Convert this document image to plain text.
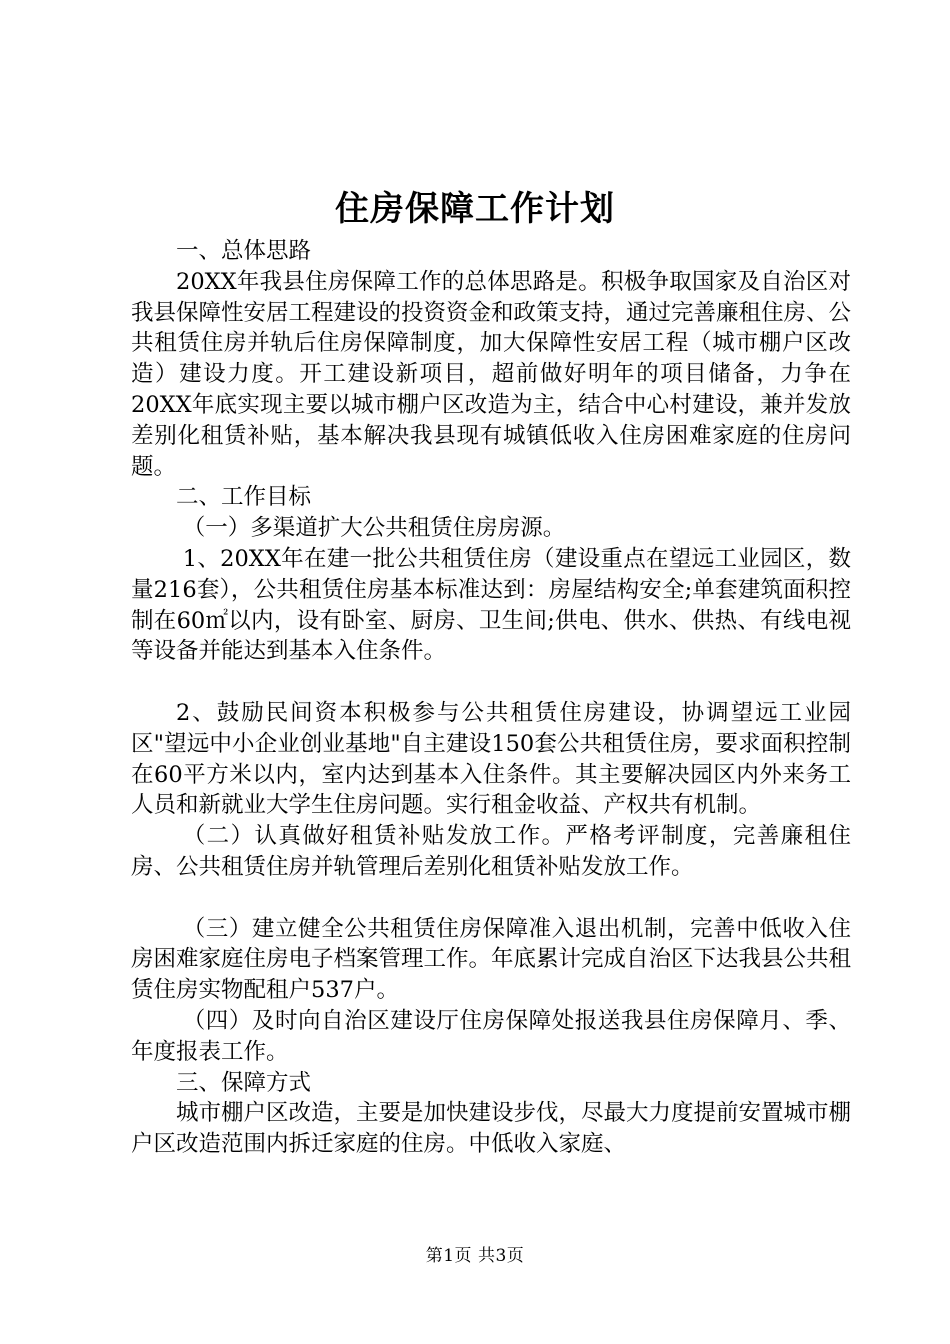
住房保障工作计划

一、总体思路

20XX年我县住房保障工作的总体思路是。积极争取国家及自治区对我县保障性安居工程建设的投资资金和政策支持，通过完善廉租住房、公共租赁住房并轨后住房保障制度，加大保障性安居工程（城市棚户区改造）建设力度。开工建设新项目，超前做好明年的项目储备，力争在20XX年底实现主要以城市棚户区改造为主，结合中心村建设，兼并发放差别化租赁补贴，基本解决我县现有城镇低收入住房困难家庭的住房问题。

二、工作目标

（一）多渠道扩大公共租赁住房房源。

1、20XX年在建一批公共租赁住房（建设重点在望远工业园区，数量216套），公共租赁住房基本标准达到：房屋结构安全;单套建筑面积控制在60㎡以内，设有卧室、厨房、卫生间;供电、供水、供热、有线电视等设备并能达到基本入住条件。

2、鼓励民间资本积极参与公共租赁住房建设，协调望远工业园区"望远中小企业创业基地"自主建设150套公共租赁住房，要求面积控制在60平方米以内，室内达到基本入住条件。其主要解决园区内外来务工人员和新就业大学生住房问题。实行租金收益、产权共有机制。

（二）认真做好租赁补贴发放工作。严格考评制度，完善廉租住房、公共租赁住房并轨管理后差别化租赁补贴发放工作。

（三）建立健全公共租赁住房保障准入退出机制，完善中低收入住房困难家庭住房电子档案管理工作。年底累计完成自治区下达我县公共租赁住房实物配租户537户。

（四）及时向自治区建设厅住房保障处报送我县住房保障月、季、年度报表工作。

三、保障方式

城市棚户区改造，主要是加快建设步伐，尽最大力度提前安置城市棚户区改造范围内拆迁家庭的住房。中低收入家庭、

第1页 共3页
